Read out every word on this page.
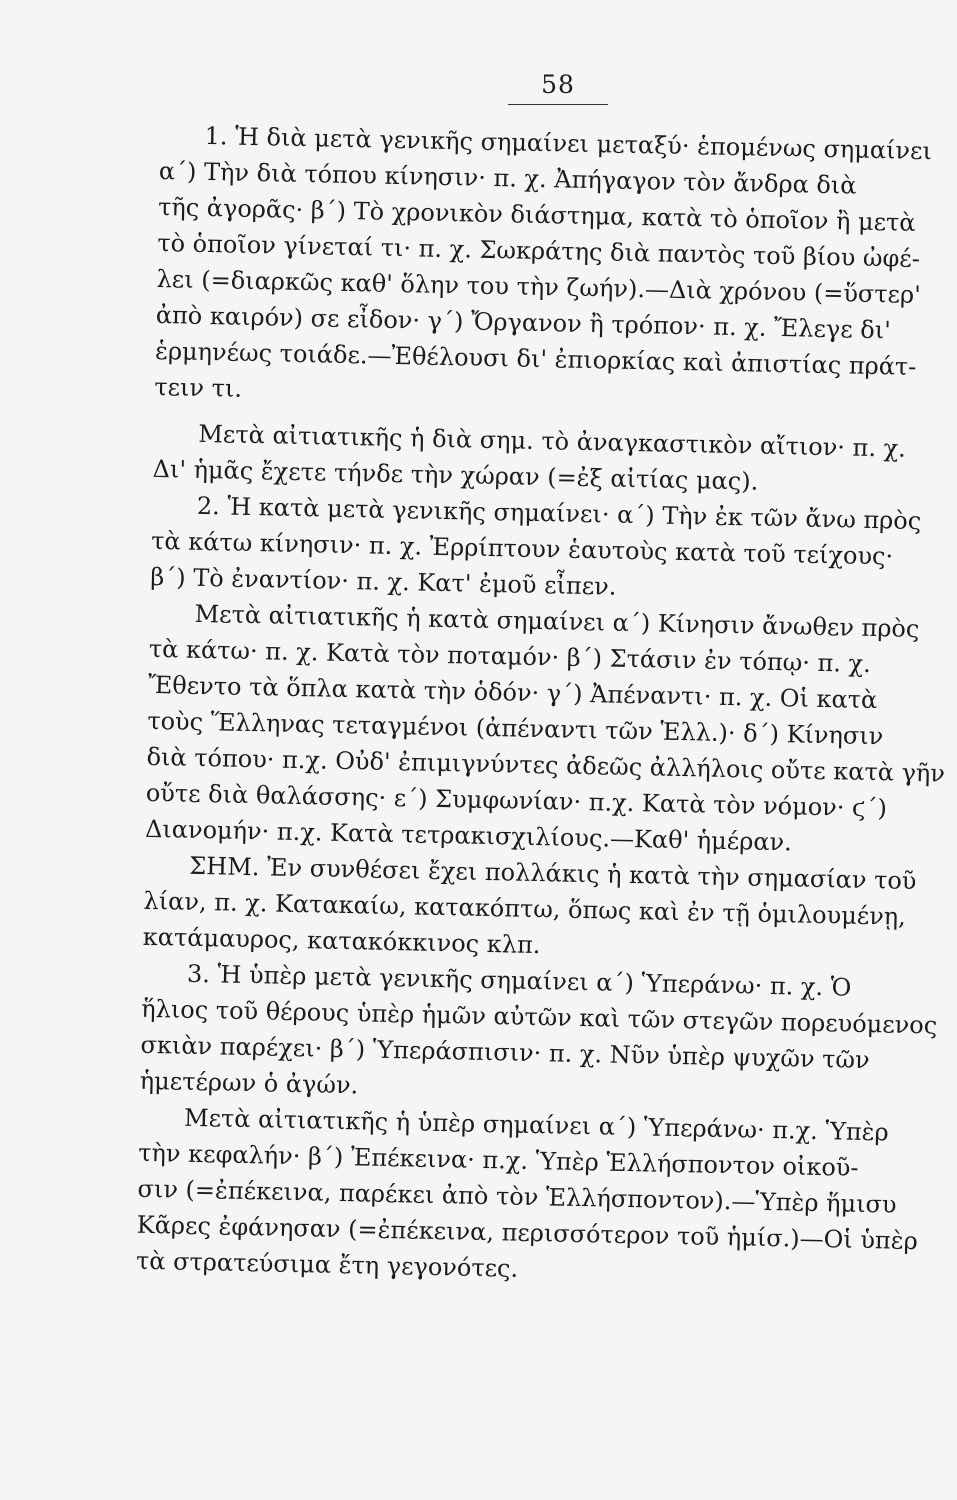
58
1. Ἡ διὰ μετὰ γενικῆς σημαίνει μεταξύ· ἑπομένως σημαίνει
α΄) Τὴν διὰ τόπου κίνησιν· π. χ. Ἀπήγαγον τὸν ἄνδρα διὰ
τῆς ἀγορᾶς· β΄) Τὸ χρονικὸν διάστημα, κατὰ τὸ ὁποῖον ἢ μετὰ
τὸ ὁποῖον γίνεταί τι· π. χ. Σωκράτης διὰ παντὸς τοῦ βίου ὠφέ-
λει (=διαρκῶς καθ' ὅλην του τὴν ζωήν).—Διὰ χρόνου (=ὕστερ'
ἀπὸ καιρόν) σε εἶδον· γ΄) Ὄργανον ἢ τρόπον· π. χ. Ἔλεγε δι'
ἑρμηνέως τοιάδε.—Ἐθέλουσι δι' ἐπιορκίας καὶ ἀπιστίας πράτ-
τειν τι.
Μετὰ αἰτιατικῆς ἡ διὰ σημ. τὸ ἀναγκαστικὸν αἴτιον· π. χ.
Δι' ἡμᾶς ἔχετε τήνδε τὴν χώραν (=ἐξ αἰτίας μας).
2. Ἡ κατὰ μετὰ γενικῆς σημαίνει· α΄) Τὴν ἐκ τῶν ἄνω πρὸς
τὰ κάτω κίνησιν· π. χ. Ἐρρίπτουν ἑαυτοὺς κατὰ τοῦ τείχους·
β΄) Τὸ ἐναντίον· π. χ. Κατ' ἐμοῦ εἶπεν.
Μετὰ αἰτιατικῆς ἡ κατὰ σημαίνει α΄) Κίνησιν ἄνωθεν πρὸς
τὰ κάτω· π. χ. Κατὰ τὸν ποταμόν· β΄) Στάσιν ἐν τόπῳ· π. χ.
Ἔθεντο τὰ ὅπλα κατὰ τὴν ὁδόν· γ΄) Ἀπέναντι· π. χ. Οἱ κατὰ
τοὺς Ἕλληνας τεταγμένοι (ἀπέναντι τῶν Ἑλλ.)· δ΄) Κίνησιν
διὰ τόπου· π.χ. Οὐδ' ἐπιμιγνύντες ἀδεῶς ἀλλήλοις οὔτε κατὰ γῆν
οὔτε διὰ θαλάσσης· ε΄) Συμφωνίαν· π.χ. Κατὰ τὸν νόμον· ϛ΄)
Διανομήν· π.χ. Κατὰ τετρακισχιλίους.—Καθ' ἡμέραν.
ΣΗΜ. Ἐν συνθέσει ἔχει πολλάκις ἡ κατὰ τὴν σημασίαν τοῦ
λίαν, π. χ. Κατακαίω, κατακόπτω, ὅπως καὶ ἐν τῇ ὁμιλουμένῃ,
κατάμαυρος, κατακόκκινος κλπ.
3. Ἡ ὑπὲρ μετὰ γενικῆς σημαίνει α΄) Ὑπεράνω· π. χ. Ὁ
ἥλιος τοῦ θέρους ὑπὲρ ἡμῶν αὐτῶν καὶ τῶν στεγῶν πορευόμενος
σκιὰν παρέχει· β΄) Ὑπεράσπισιν· π. χ. Νῦν ὑπὲρ ψυχῶν τῶν
ἡμετέρων ὁ ἀγών.
Μετὰ αἰτιατικῆς ἡ ὑπὲρ σημαίνει α΄) Ὑπεράνω· π.χ. Ὑπὲρ
τὴν κεφαλήν· β΄) Ἐπέκεινα· π.χ. Ὑπὲρ Ἑλλήσποντον οἰκοῦ-
σιν (=ἐπέκεινα, παρέκει ἀπὸ τὸν Ἑλλήσποντον).—Ὑπὲρ ἥμισυ
Κᾶρες ἐφάνησαν (=ἐπέκεινα, περισσότερον τοῦ ἡμίσ.)—Οἱ ὑπὲρ
τὰ στρατεύσιμα ἔτη γεγονότες.
